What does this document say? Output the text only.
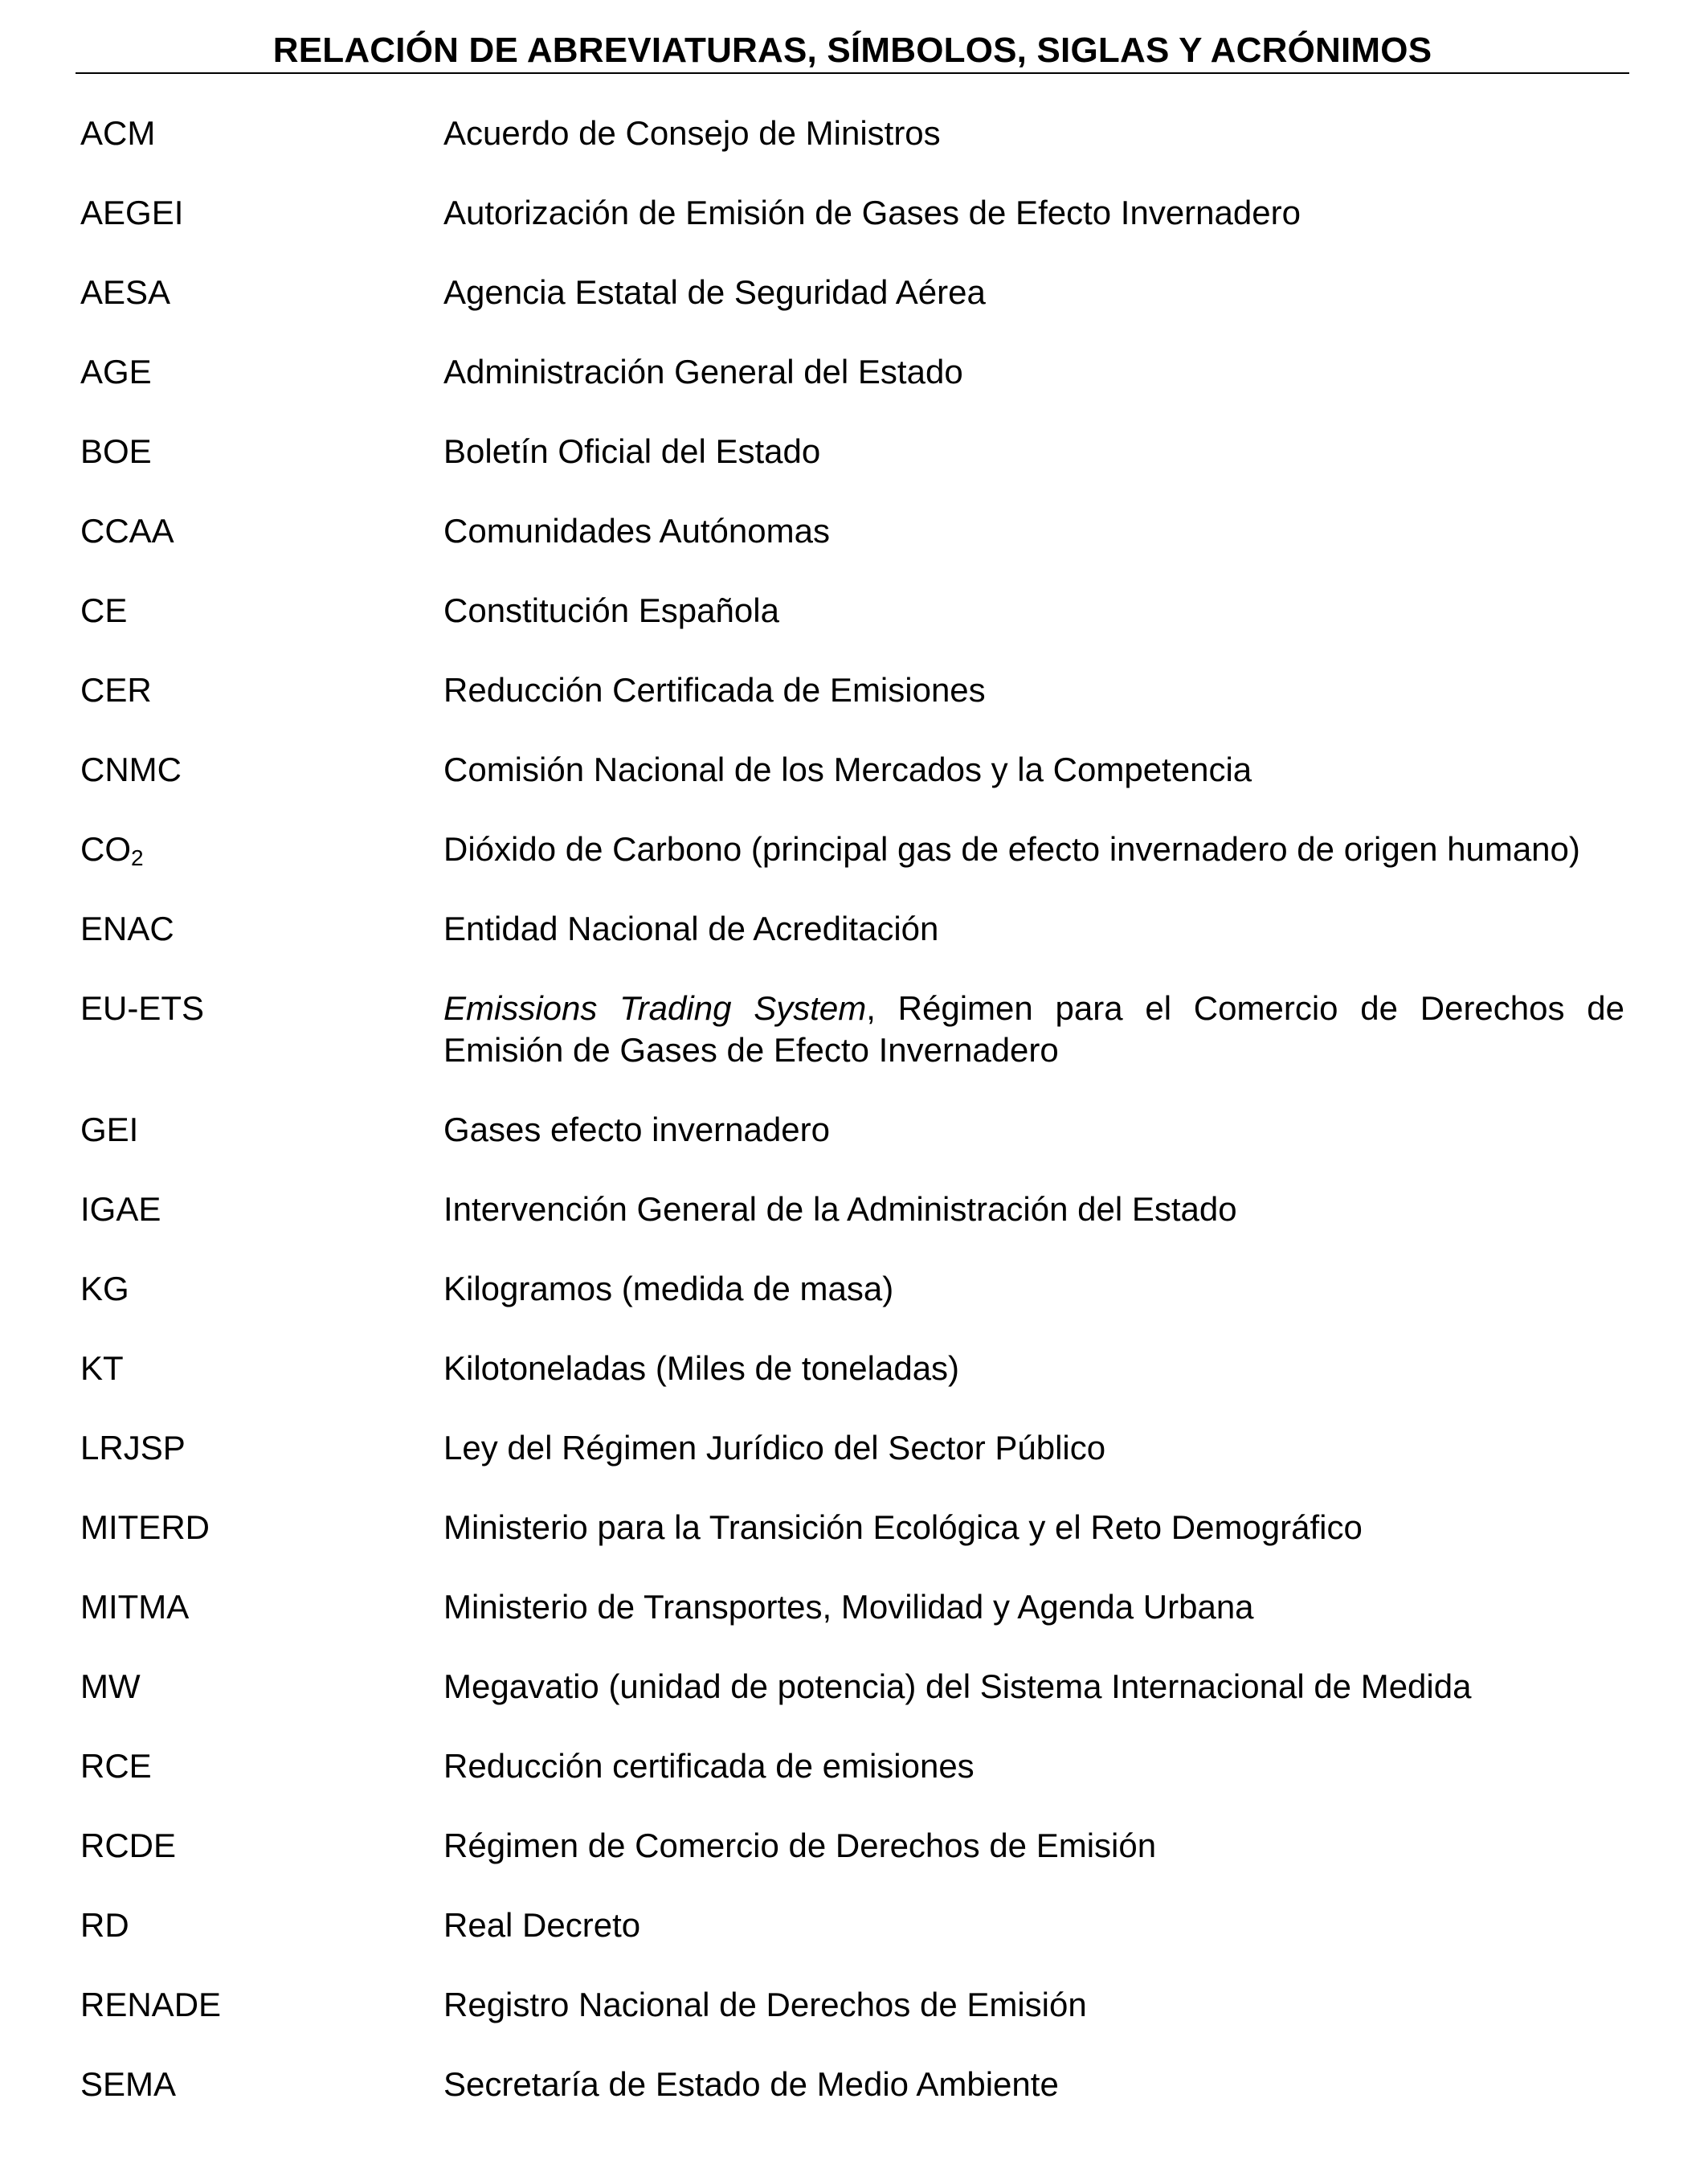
RELACIÓN DE ABREVIATURAS, SÍMBOLOS, SIGLAS Y ACRÓNIMOS
ACM	Acuerdo de Consejo de Ministros
AEGEI	Autorización de Emisión de Gases de Efecto Invernadero
AESA	Agencia Estatal de Seguridad Aérea
AGE	Administración General del Estado
BOE	Boletín Oficial del Estado
CCAA	Comunidades Autónomas
CE	Constitución Española
CER	Reducción Certificada de Emisiones
CNMC	Comisión Nacional de los Mercados y la Competencia
$CO_2$	Dióxido de Carbono (principal gas de efecto invernadero de origen humano)
ENAC	Entidad Nacional de Acreditación
EU-ETS	Emissions Trading System, Régimen para el Comercio de Derechos de Emisión de Gases de Efecto Invernadero
GEI	Gases efecto invernadero
IGAE	Intervención General de la Administración del Estado
KG	Kilogramos (medida de masa)
KT	Kilotoneladas (Miles de toneladas)
LRJSP	Ley del Régimen Jurídico del Sector Público
MITERD	Ministerio para la Transición Ecológica y el Reto Demográfico
MITMA	Ministerio de Transportes, Movilidad y Agenda Urbana
MW	Megavatio (unidad de potencia) del Sistema Internacional de Medida
RCE	Reducción certificada de emisiones
RCDE	Régimen de Comercio de Derechos de Emisión
RD	Real Decreto
RENADE	Registro Nacional de Derechos de Emisión
SEMA	Secretaría de Estado de Medio Ambiente
